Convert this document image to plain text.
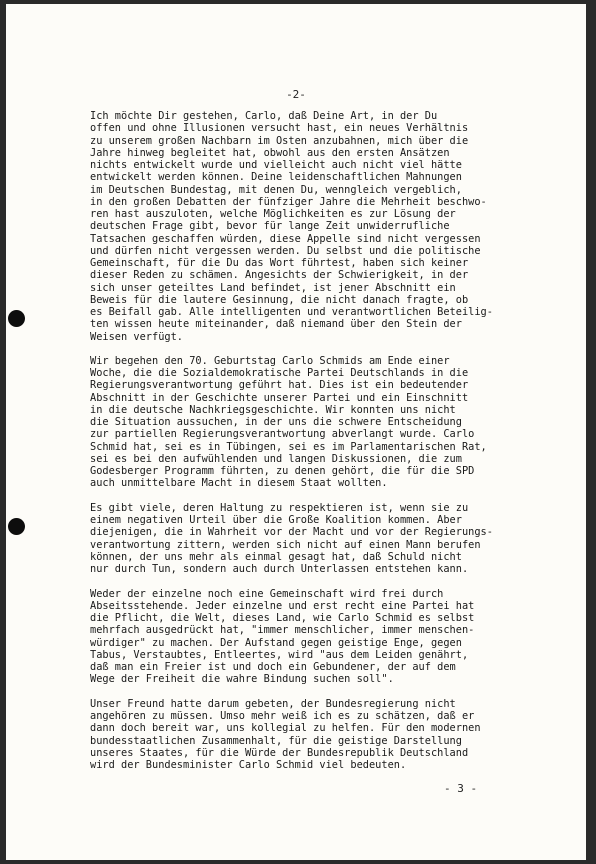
-2-
Ich möchte Dir gestehen, Carlo, daß Deine Art, in der Du
offen und ohne Illusionen versucht hast, ein neues Verhältnis
zu unserem großen Nachbarn im Osten anzubahnen, mich über die
Jahre hinweg begleitet hat, obwohl aus den ersten Ansätzen
nichts entwickelt wurde und vielleicht auch nicht viel hätte
entwickelt werden können. Deine leidenschaftlichen Mahnungen
im Deutschen Bundestag, mit denen Du, wenngleich vergeblich,
in den großen Debatten der fünfziger Jahre die Mehrheit beschwo-
ren hast auszuloten, welche Möglichkeiten es zur Lösung der
deutschen Frage gibt, bevor für lange Zeit unwiderrufliche
Tatsachen geschaffen würden, diese Appelle sind nicht vergessen
und dürfen nicht vergessen werden. Du selbst und die politische
Gemeinschaft, für die Du das Wort führtest, haben sich keiner
dieser Reden zu schämen. Angesichts der Schwierigkeit, in der
sich unser geteiltes Land befindet, ist jener Abschnitt ein
Beweis für die lautere Gesinnung, die nicht danach fragte, ob
es Beifall gab. Alle intelligenten und verantwortlichen Beteilig-
ten wissen heute miteinander, daß niemand über den Stein der
Weisen verfügt.
Wir begehen den 70. Geburtstag Carlo Schmids am Ende einer
Woche, die die Sozialdemokratische Partei Deutschlands in die
Regierungsverantwortung geführt hat. Dies ist ein bedeutender
Abschnitt in der Geschichte unserer Partei und ein Einschnitt
in die deutsche Nachkriegsgeschichte. Wir konnten uns nicht
die Situation aussuchen, in der uns die schwere Entscheidung
zur partiellen Regierungsverantwortung abverlangt wurde. Carlo
Schmid hat, sei es in Tübingen, sei es im Parlamentarischen Rat,
sei es bei den aufwühlenden und langen Diskussionen, die zum
Godesberger Programm führten, zu denen gehört, die für die SPD
auch unmittelbare Macht in diesem Staat wollten.
Es gibt viele, deren Haltung zu respektieren ist, wenn sie zu
einem negativen Urteil über die Große Koalition kommen. Aber
diejenigen, die in Wahrheit vor der Macht und vor der Regierungs-
verantwortung zittern, werden sich nicht auf einen Mann berufen
können, der uns mehr als einmal gesagt hat, daß Schuld nicht
nur durch Tun, sondern auch durch Unterlassen entstehen kann.
Weder der einzelne noch eine Gemeinschaft wird frei durch
Abseitsstehende. Jeder einzelne und erst recht eine Partei hat
die Pflicht, die Welt, dieses Land, wie Carlo Schmid es selbst
mehrfach ausgedrückt hat, "immer menschlicher, immer menschen-
würdiger" zu machen. Der Aufstand gegen geistige Enge, gegen
Tabus, Verstaubtes, Entleertes, wird "aus dem Leiden genährt,
daß man ein Freier ist und doch ein Gebundener, der auf dem
Wege der Freiheit die wahre Bindung suchen soll".
Unser Freund hatte darum gebeten, der Bundesregierung nicht
angehören zu müssen. Umso mehr weiß ich es zu schätzen, daß er
dann doch bereit war, uns kollegial zu helfen. Für den modernen
bundesstaatlichen Zusammenhalt, für die geistige Darstellung
unseres Staates, für die Würde der Bundesrepublik Deutschland
wird der Bundesminister Carlo Schmid viel bedeuten.
- 3 -
